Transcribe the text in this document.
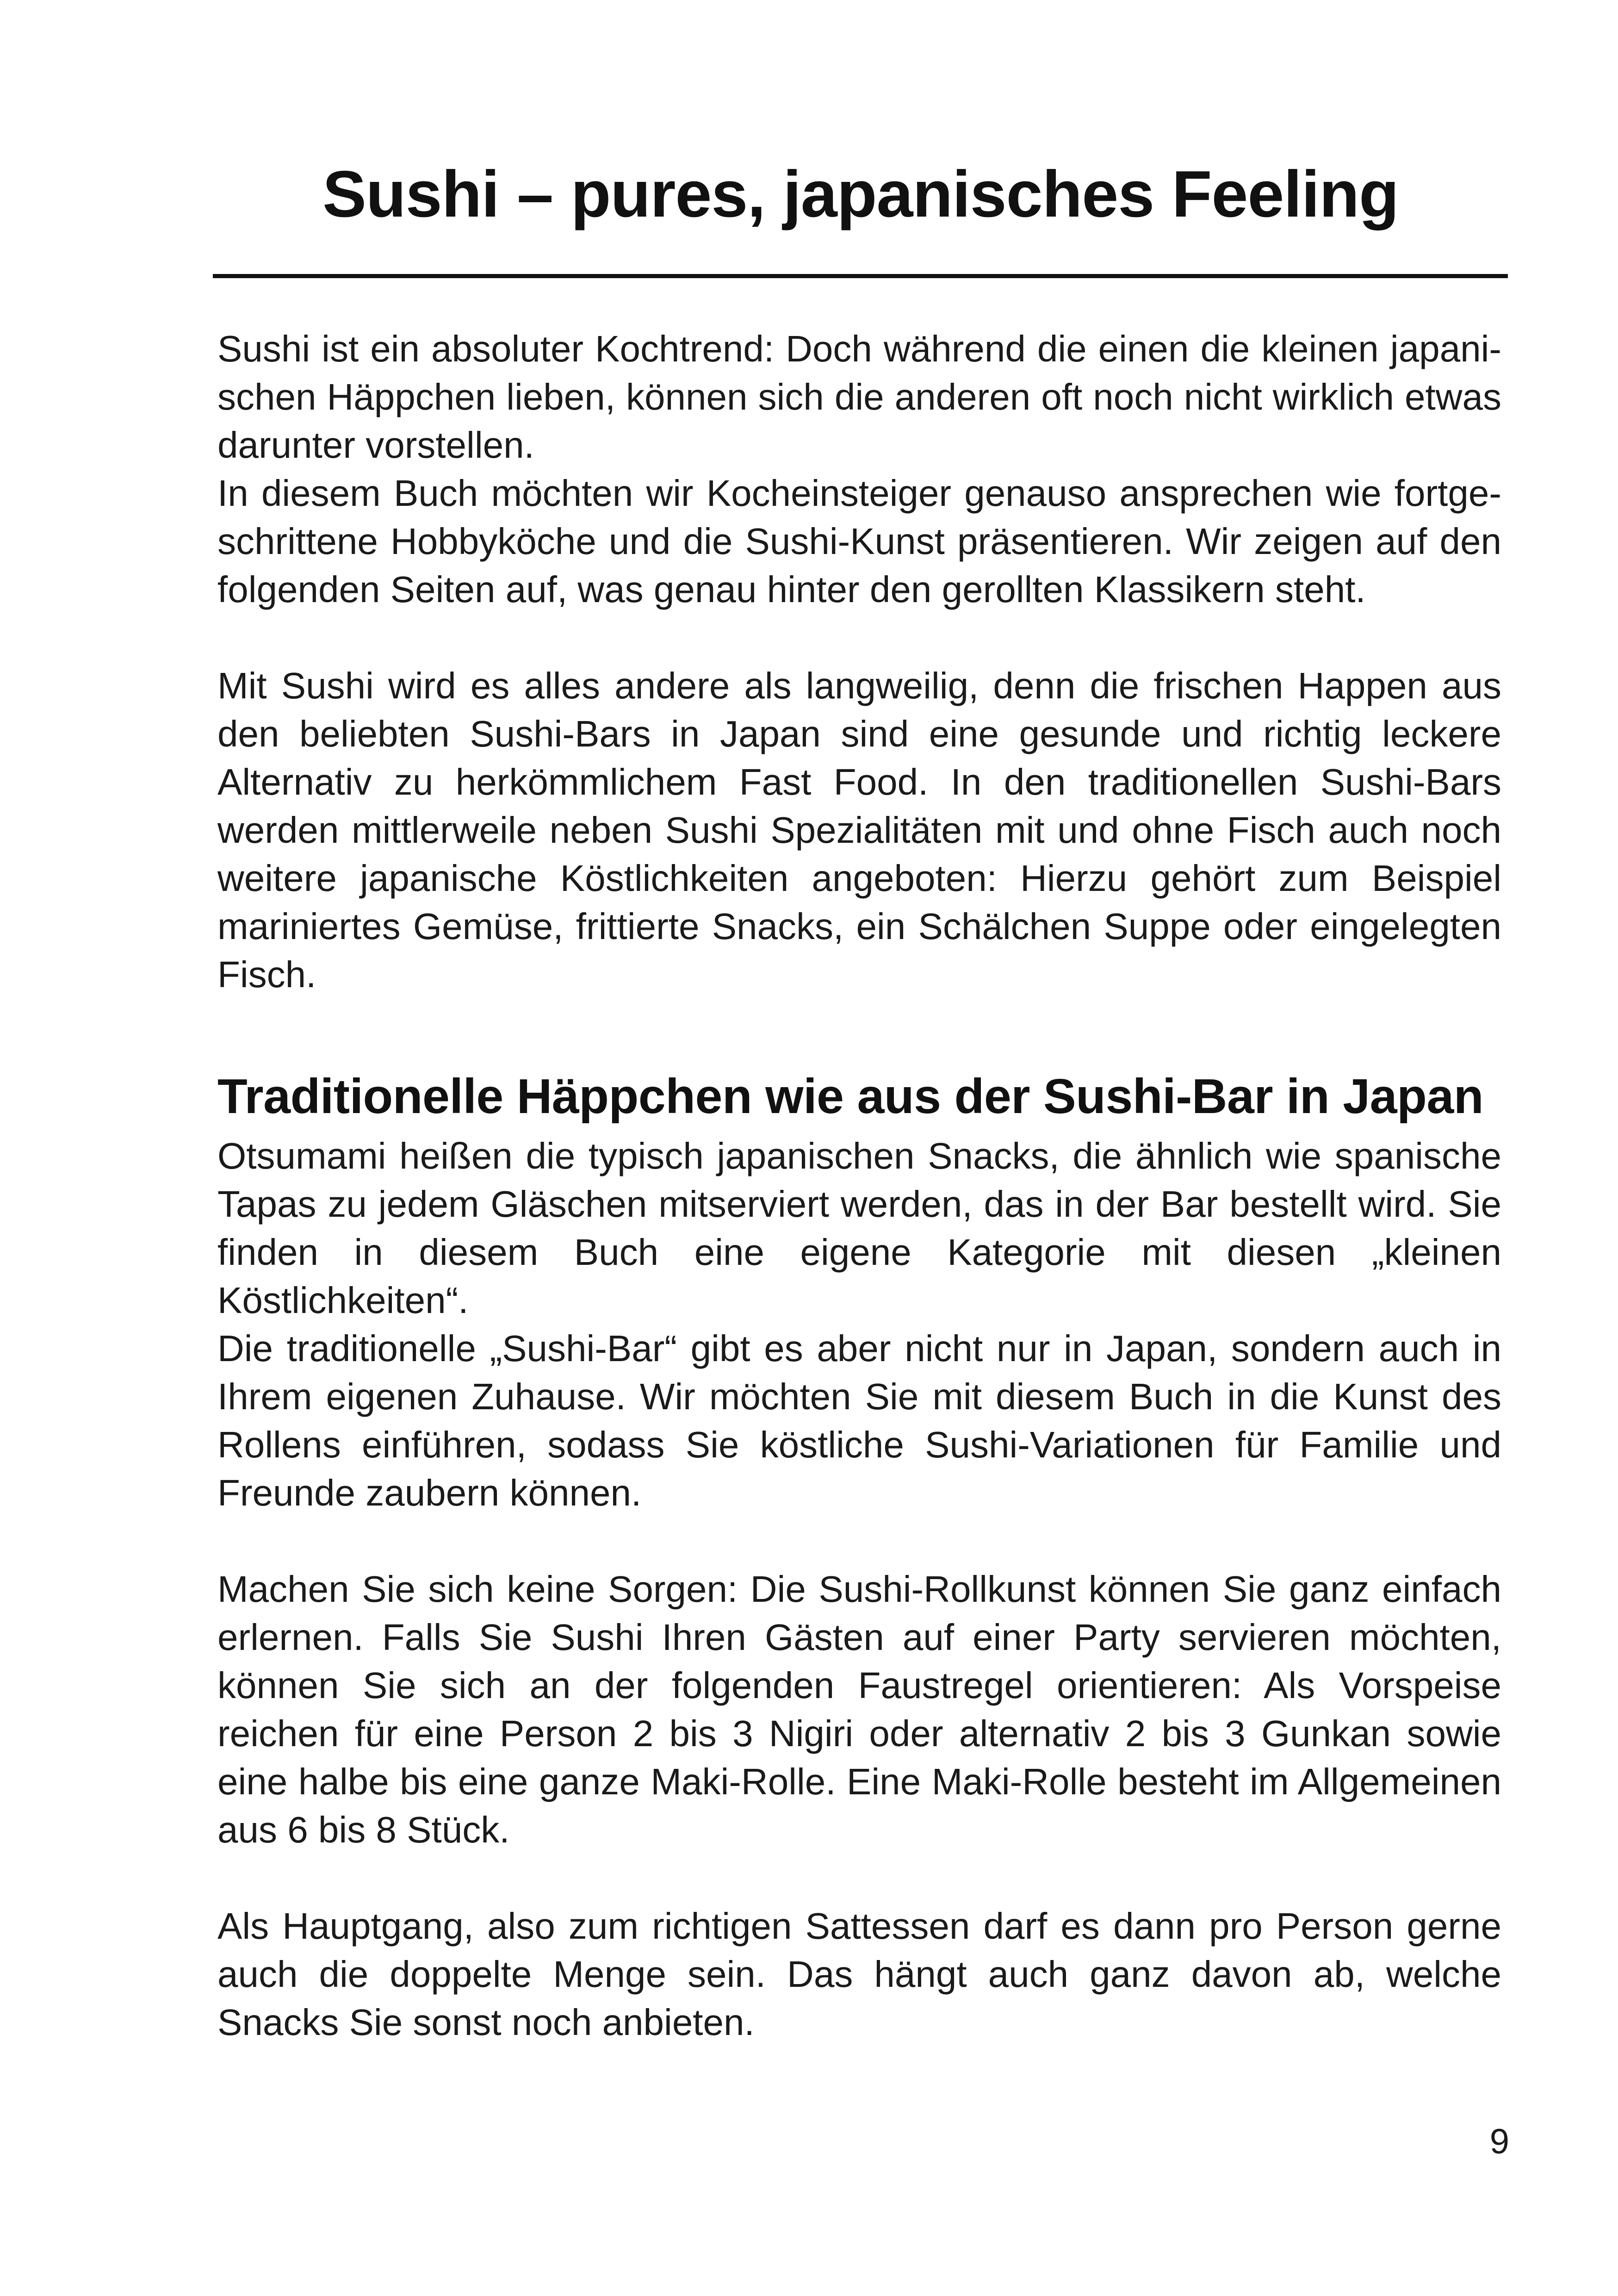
Sushi – pures, japanisches Feeling

Sushi ist ein absoluter Kochtrend: Doch während die einen die kleinen japanischen Häppchen lieben, können sich die anderen oft noch nicht wirklich etwas darunter vorstellen.

In diesem Buch möchten wir Kocheinsteiger genauso ansprechen wie fortgeschrittene Hobbyköche und die Sushi-Kunst präsentieren. Wir zeigen auf den folgenden Seiten auf, was genau hinter den gerollten Klassikern steht.

Mit Sushi wird es alles andere als langweilig, denn die frischen Happen aus den beliebten Sushi-Bars in Japan sind eine gesunde und richtig leckere Alternativ zu herkömmlichem Fast Food. In den traditionellen Sushi-Bars werden mittlerweile neben Sushi Spezialitäten mit und ohne Fisch auch noch weitere japanische Köstlichkeiten angeboten: Hierzu gehört zum Beispiel mariniertes Gemüse, frittierte Snacks, ein Schälchen Suppe oder eingelegten Fisch.

Traditionelle Häppchen wie aus der Sushi-Bar in Japan

Otsumami heißen die typisch japanischen Snacks, die ähnlich wie spanische Tapas zu jedem Gläschen mitserviert werden, das in der Bar bestellt wird. Sie finden in diesem Buch eine eigene Kategorie mit diesen „kleinen Köstlichkeiten“.

Die traditionelle „Sushi-Bar“ gibt es aber nicht nur in Japan, sondern auch in Ihrem eigenen Zuhause. Wir möchten Sie mit diesem Buch in die Kunst des Rollens einführen, sodass Sie köstliche Sushi-Variationen für Familie und Freunde zaubern können.

Machen Sie sich keine Sorgen: Die Sushi-Rollkunst können Sie ganz einfach erlernen. Falls Sie Sushi Ihren Gästen auf einer Party servieren möchten, können Sie sich an der folgenden Faustregel orientieren: Als Vorspeise reichen für eine Person 2 bis 3 Nigiri oder alternativ 2 bis 3 Gunkan sowie eine halbe bis eine ganze Maki-Rolle. Eine Maki-Rolle besteht im Allgemeinen aus 6 bis 8 Stück.

Als Hauptgang, also zum richtigen Sattessen darf es dann pro Person gerne auch die doppelte Menge sein. Das hängt auch ganz davon ab, welche Snacks Sie sonst noch anbieten.

9
